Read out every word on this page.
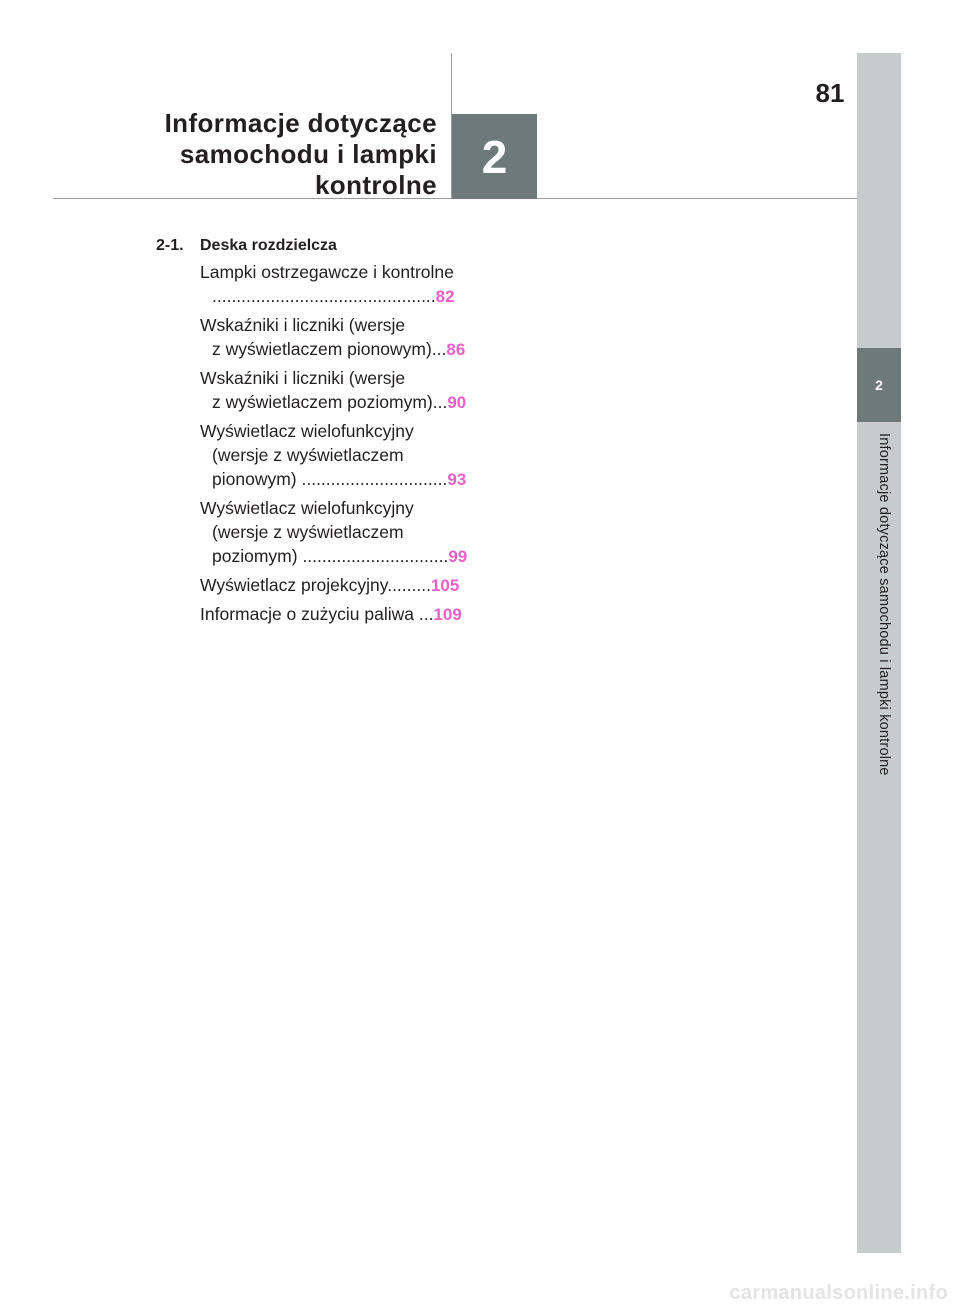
81
Informacje dotyczące
samochodu i lampki
kontrolne
2
2-1.	Deska rozdzielcza
Lampki ostrzegawcze i kontrolne
..............................................82
Wskaźniki i liczniki (wersje
z wyświetlaczem pionowym)...86
Wskaźniki i liczniki (wersje
z wyświetlaczem poziomym)...90
Wyświetlacz wielofunkcyjny
(wersje z wyświetlaczem
pionowym) ..............................93
Wyświetlacz wielofunkcyjny
(wersje z wyświetlaczem
poziomym) ..............................99
Wyświetlacz projekcyjny.........105
Informacje o zużyciu paliwa ...109
2
Informacje dotyczące samochodu i lampki kontrolne
carmanualsonline.info
